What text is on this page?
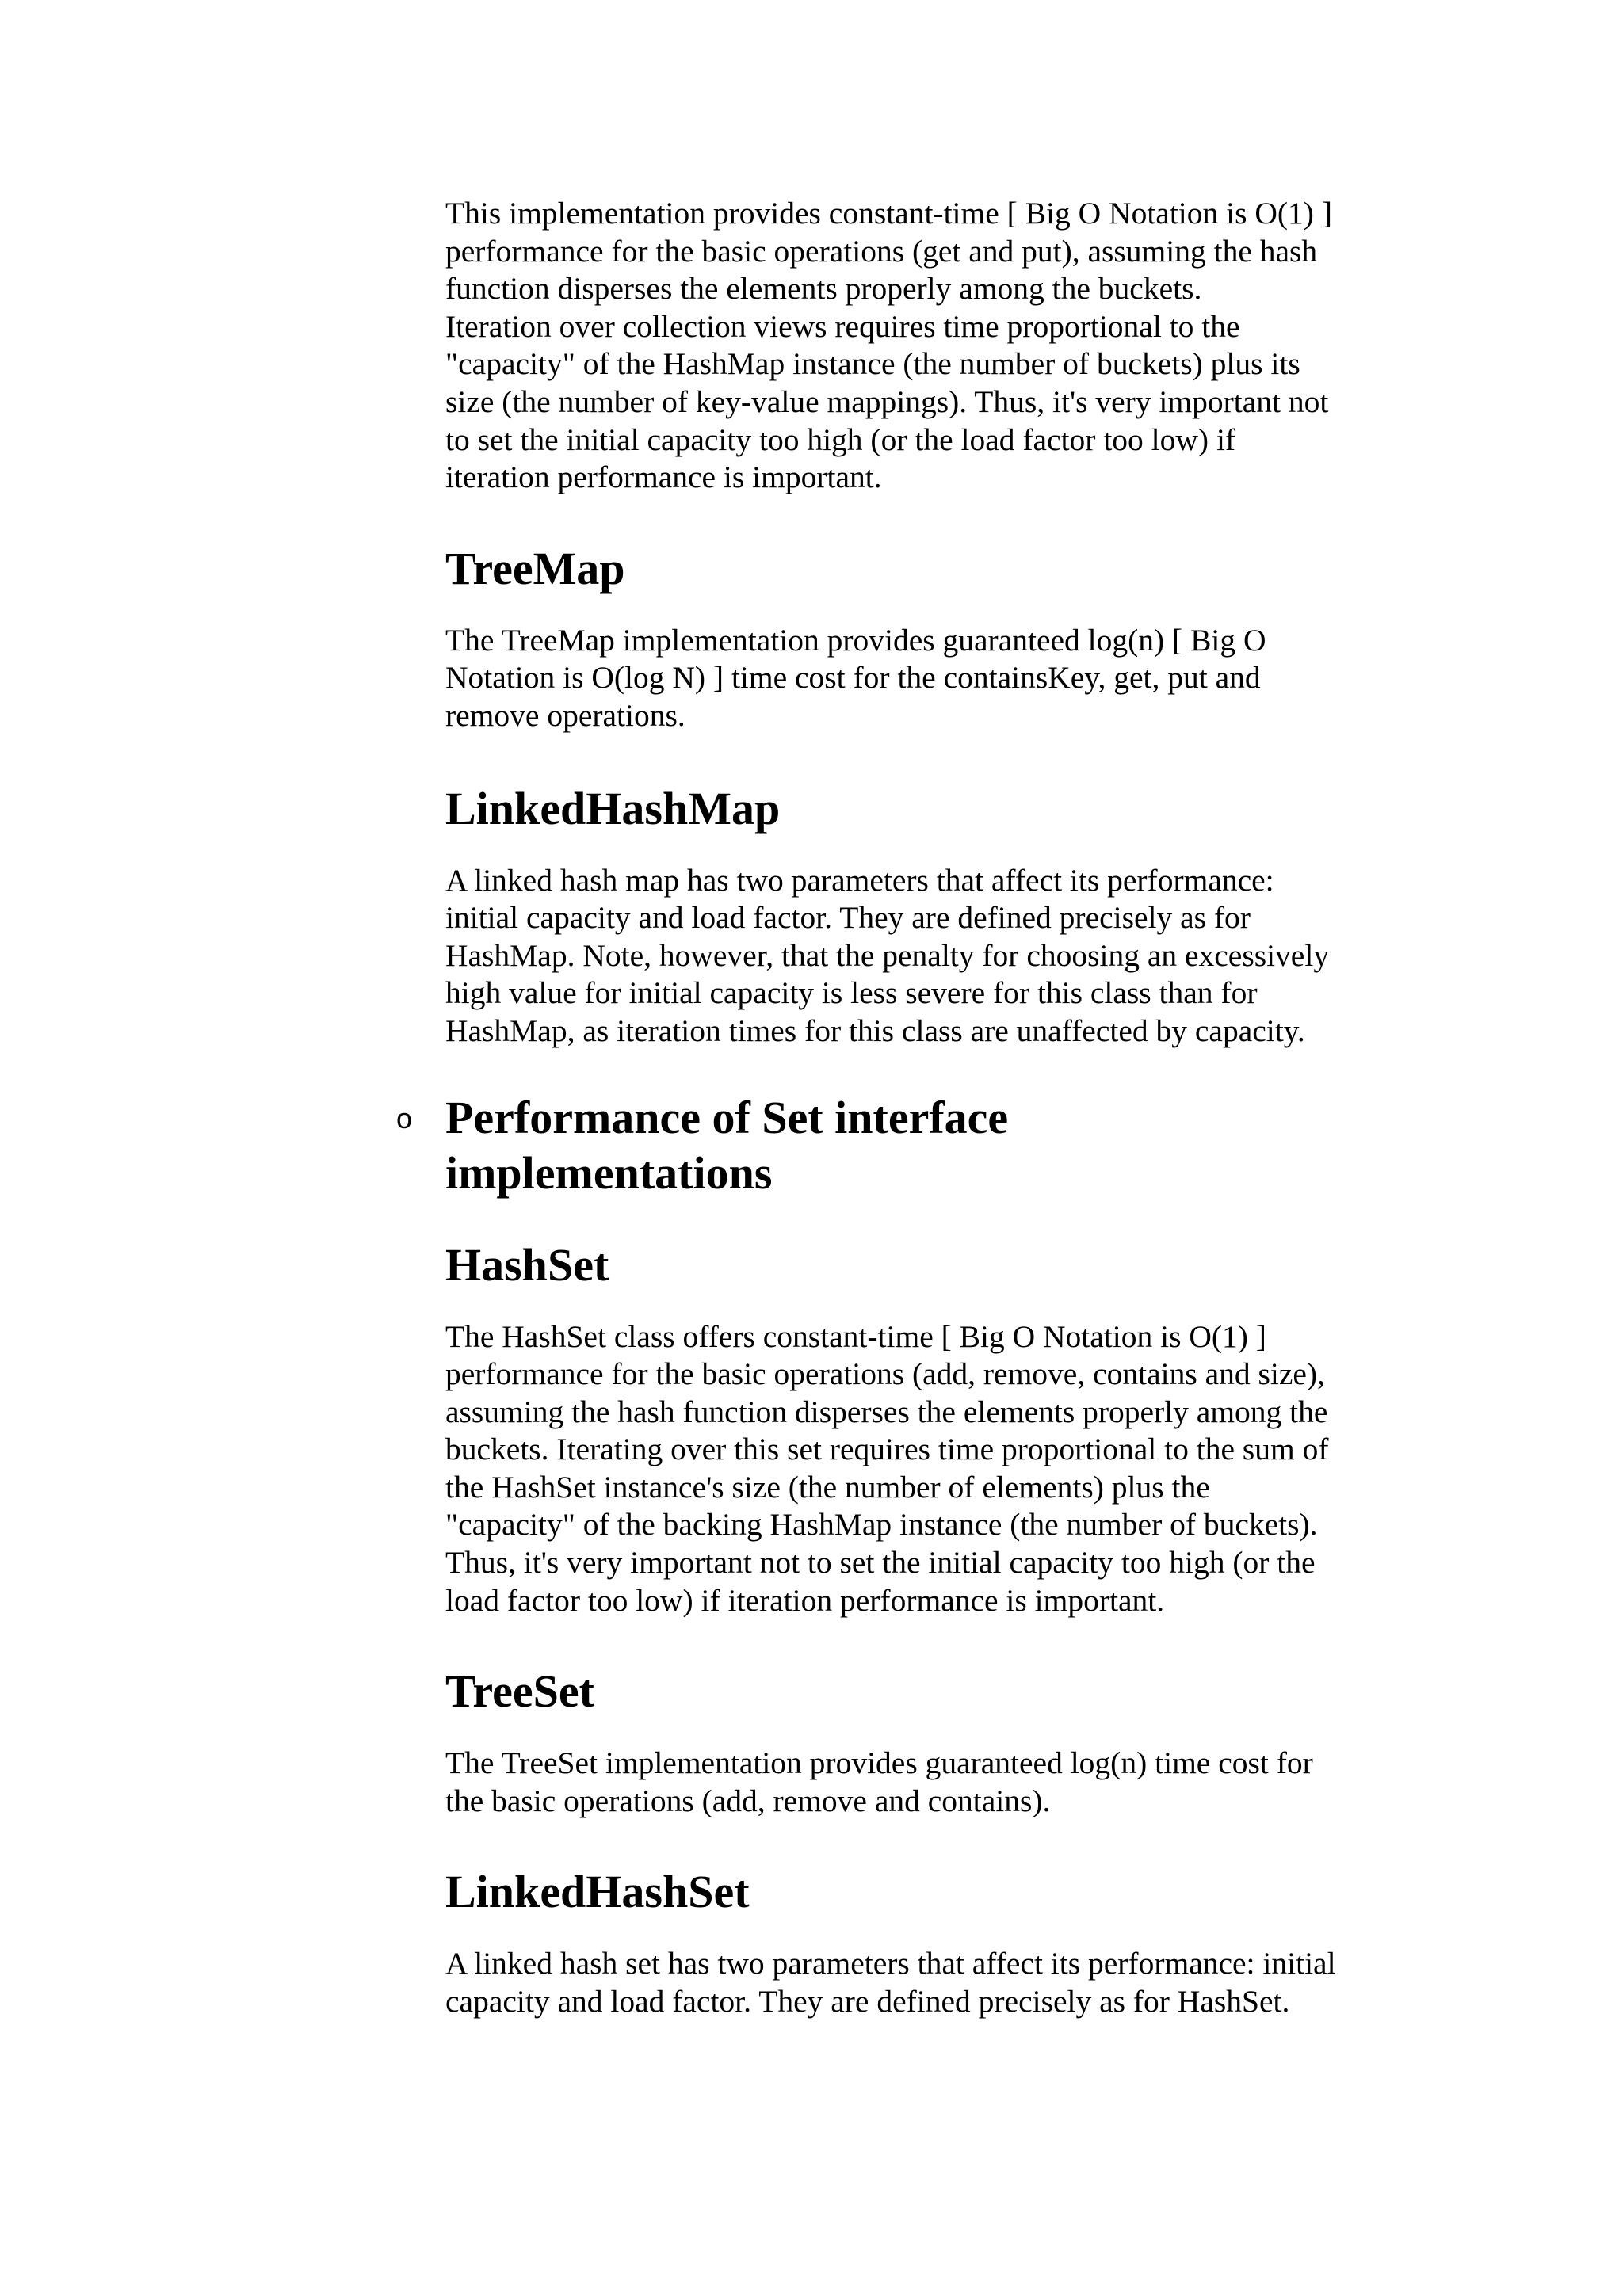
This implementation provides constant-time [ Big O Notation is O(1) ]
performance for the basic operations (get and put), assuming the hash
function disperses the elements properly among the buckets.
Iteration over collection views requires time proportional to the
"capacity" of the HashMap instance (the number of buckets) plus its
size (the number of key-value mappings). Thus, it's very important not
to set the initial capacity too high (or the load factor too low) if
iteration performance is important.

TreeMap

The TreeMap implementation provides guaranteed log(n) [ Big O
Notation is O(log N) ] time cost for the containsKey, get, put and
remove operations.

LinkedHashMap

A linked hash map has two parameters that affect its performance:
initial capacity and load factor. They are defined precisely as for
HashMap. Note, however, that the penalty for choosing an excessively
high value for initial capacity is less severe for this class than for
HashMap, as iteration times for this class are unaffected by capacity.

o Performance of Set interface
implementations
HashSet

The HashSet class offers constant-time [ Big O Notation is O(1) ]
performance for the basic operations (add, remove, contains and size),
assuming the hash function disperses the elements properly among the
buckets. Iterating over this set requires time proportional to the sum of
the HashSet instance's size (the number of elements) plus the
"capacity" of the backing HashMap instance (the number of buckets).
Thus, it's very important not to set the initial capacity too high (or the
load factor too low) if iteration performance is important.

TreeSet

The TreeSet implementation provides guaranteed log(n) time cost for
the basic operations (add, remove and contains).

LinkedHashSet

A linked hash set has two parameters that affect its performance: initial
capacity and load factor. They are defined precisely as for HashSet.
